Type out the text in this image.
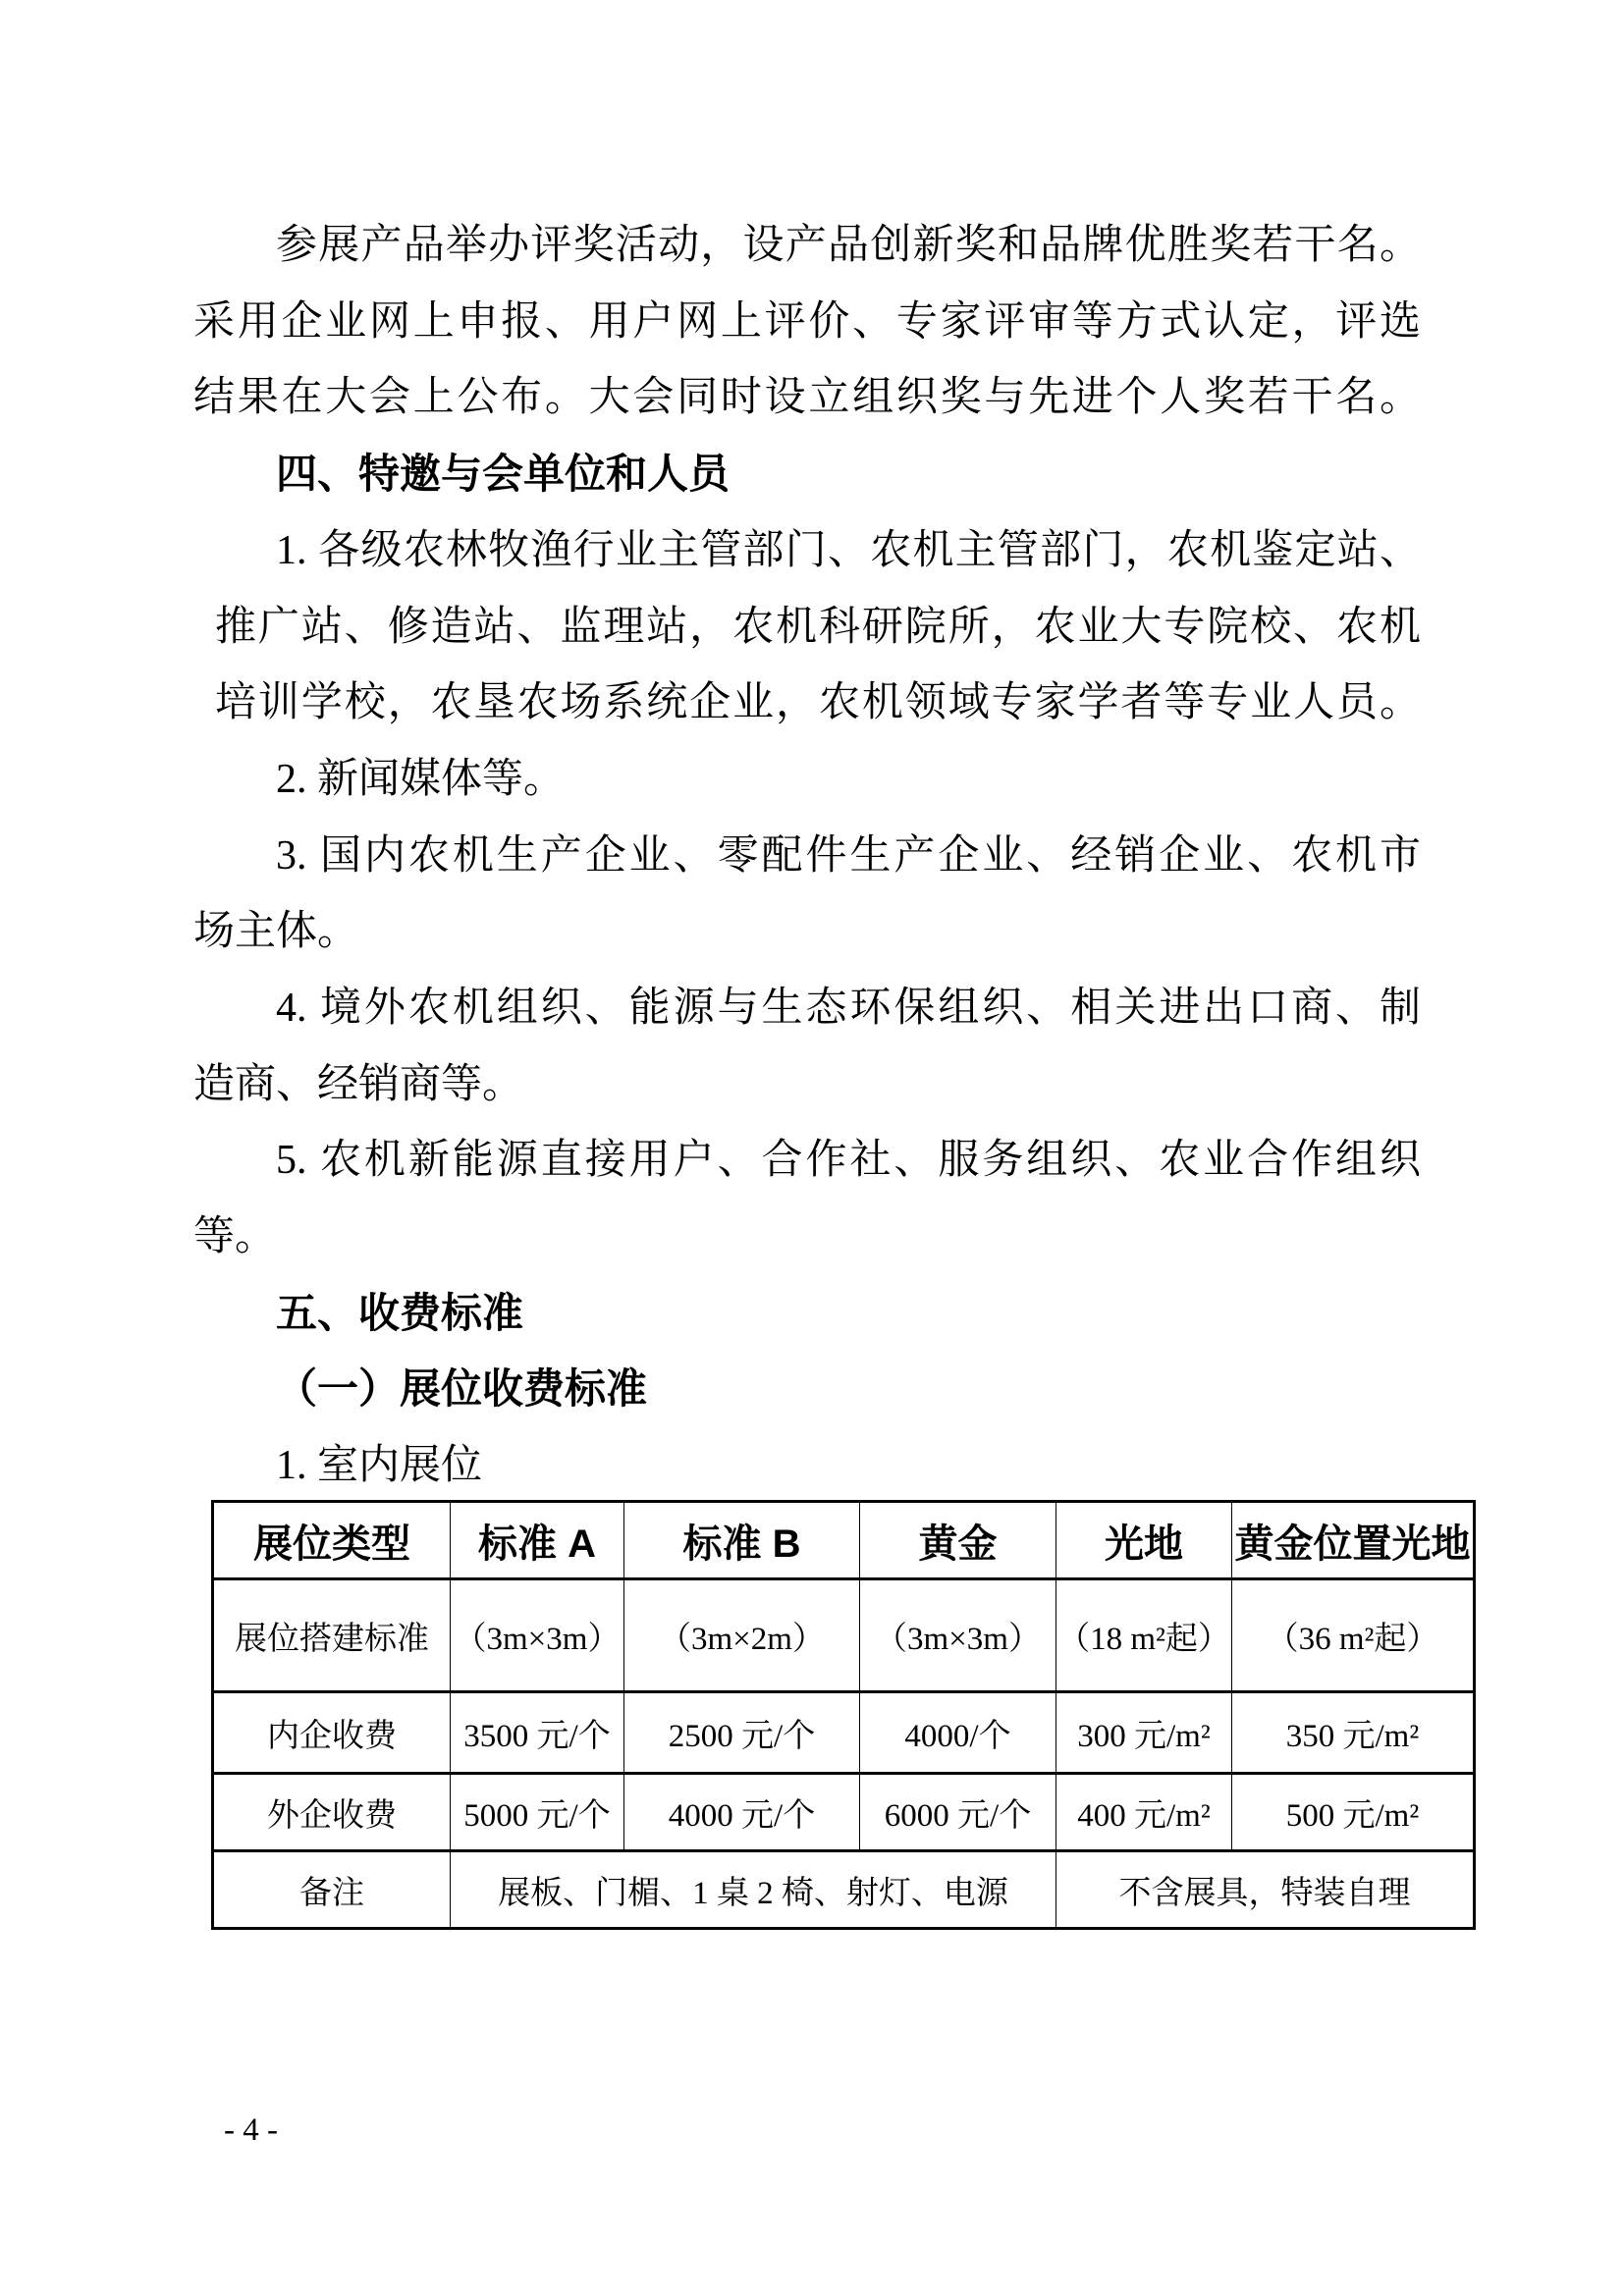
参展产品举办评奖活动，设产品创新奖和品牌优胜奖若干名。
采用企业网上申报、用户网上评价、专家评审等方式认定，评选
结果在大会上公布。大会同时设立组织奖与先进个人奖若干名。
四、特邀与会单位和人员
1. 各级农林牧渔行业主管部门、农机主管部门，农机鉴定站、
推广站、修造站、监理站，农机科研院所，农业大专院校、农机
培训学校，农垦农场系统企业，农机领域专家学者等专业人员。
2. 新闻媒体等。
3. 国内农机生产企业、零配件生产企业、经销企业、农机市
场主体。
4. 境外农机组织、能源与生态环保组织、相关进出口商、制
造商、经销商等。
5. 农机新能源直接用户、合作社、服务组织、农业合作组织
等。
五、收费标准
（一）展位收费标准
1. 室内展位
展位类型	标准 A	标准 B	黄金	光地	黄金位置光地
展位搭建标准	（3m×3m）	（3m×2m）	（3m×3m）	（18 m²起）	（36 m²起）
内企收费	3500 元/个	2500 元/个	4000/个	300 元/m²	350 元/m²
外企收费	5000 元/个	4000 元/个	6000 元/个	400 元/m²	500 元/m²
备注	展板、门楣、1 桌 2 椅、射灯、电源			不含展具，特装自理	
- 4 -
